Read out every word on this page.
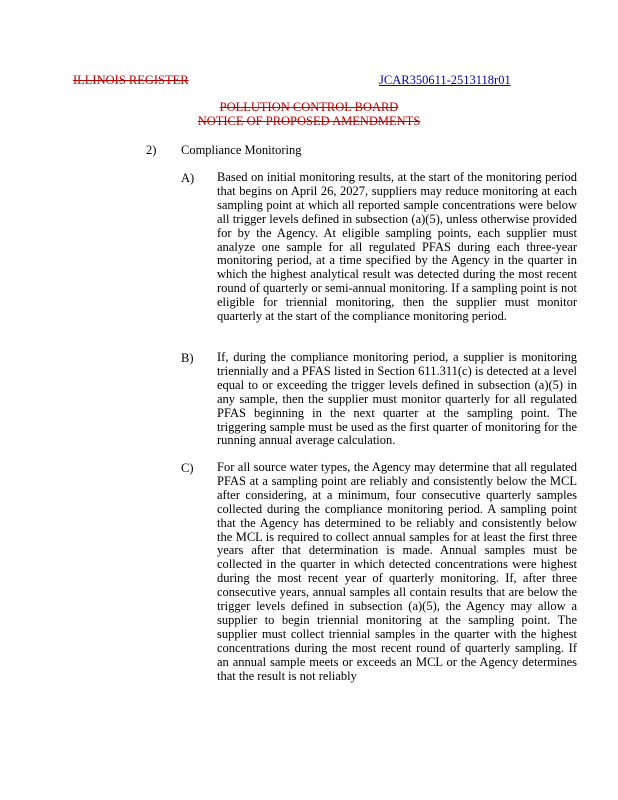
ILLINOIS REGISTER	JCAR350611-2513118r01
POLLUTION CONTROL BOARD
NOTICE OF PROPOSED AMENDMENTS
2) Compliance Monitoring
A) Based on initial monitoring results, at the start of the monitoring period that begins on April 26, 2027, suppliers may reduce monitoring at each sampling point at which all reported sample concentrations were below all trigger levels defined in subsection (a)(5), unless otherwise provided for by the Agency. At eligible sampling points, each supplier must analyze one sample for all regulated PFAS during each three-year monitoring period, at a time specified by the Agency in the quarter in which the highest analytical result was detected during the most recent round of quarterly or semi-annual monitoring. If a sampling point is not eligible for triennial monitoring, then the supplier must monitor quarterly at the start of the compliance monitoring period.
B) If, during the compliance monitoring period, a supplier is monitoring triennially and a PFAS listed in Section 611.311(c) is detected at a level equal to or exceeding the trigger levels defined in subsection (a)(5) in any sample, then the supplier must monitor quarterly for all regulated PFAS beginning in the next quarter at the sampling point. The triggering sample must be used as the first quarter of monitoring for the running annual average calculation.
C) For all source water types, the Agency may determine that all regulated PFAS at a sampling point are reliably and consistently below the MCL after considering, at a minimum, four consecutive quarterly samples collected during the compliance monitoring period. A sampling point that the Agency has determined to be reliably and consistently below the MCL is required to collect annual samples for at least the first three years after that determination is made. Annual samples must be collected in the quarter in which detected concentrations were highest during the most recent year of quarterly monitoring. If, after three consecutive years, annual samples all contain results that are below the trigger levels defined in subsection (a)(5), the Agency may allow a supplier to begin triennial monitoring at the sampling point. The supplier must collect triennial samples in the quarter with the highest concentrations during the most recent round of quarterly sampling. If an annual sample meets or exceeds an MCL or the Agency determines that the result is not reliably
